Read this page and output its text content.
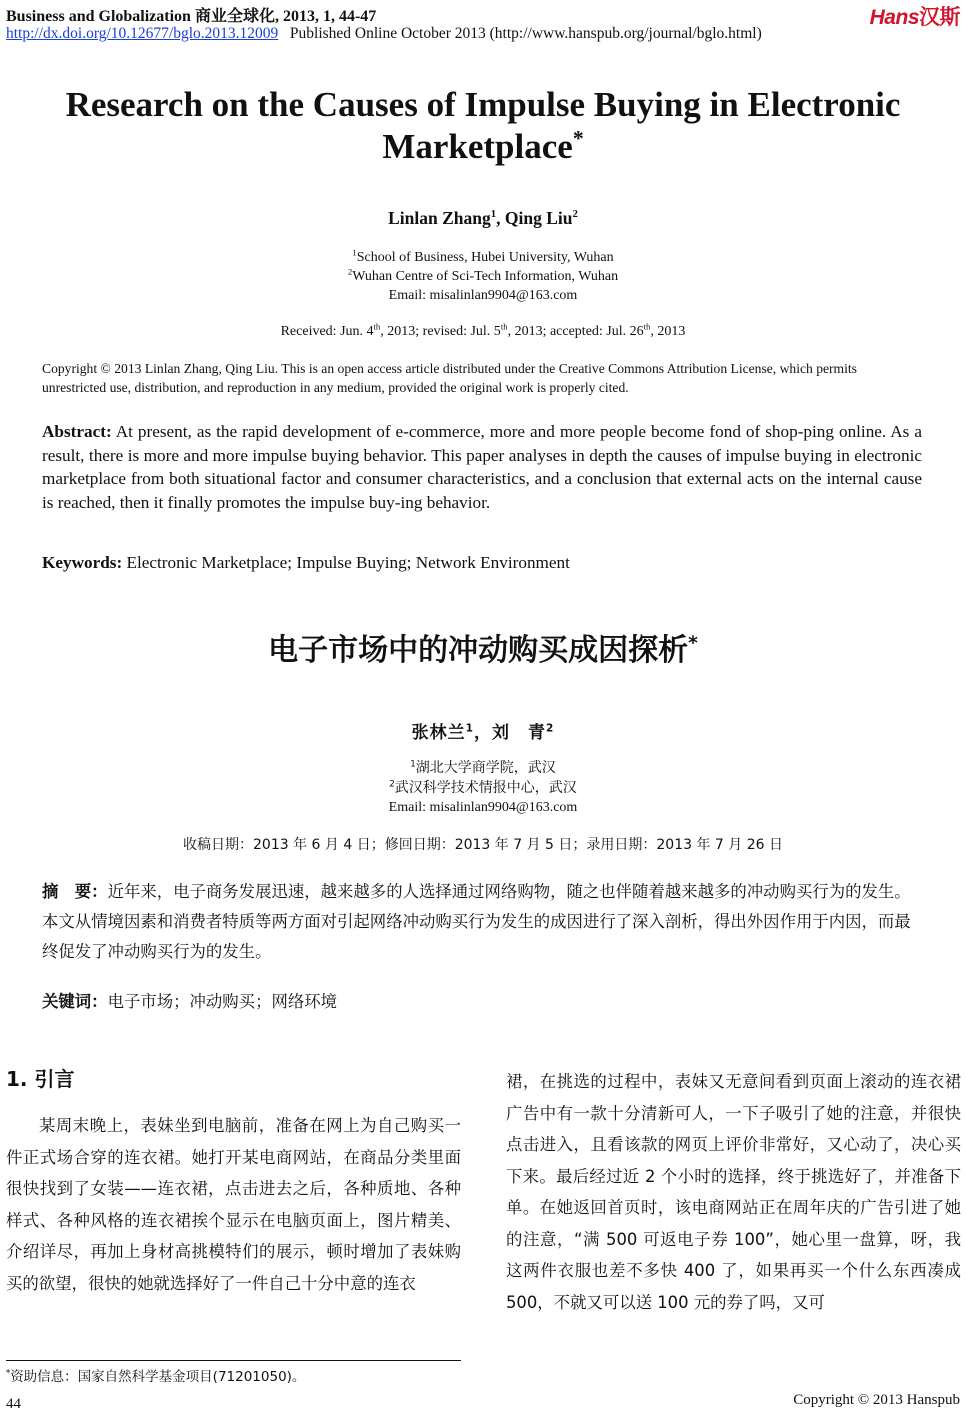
Business and Globalization 商业全球化, 2013, 1, 44-47
http://dx.doi.org/10.12677/bglo.2013.12009 Published Online October 2013 (http://www.hanspub.org/journal/bglo.html)
Hans汉斯
Research on the Causes of Impulse Buying in Electronic
Marketplace*
Linlan Zhang$^1$, Qing Liu$^2$
$^1$School of Business, Hubei University, Wuhan
$^2$Wuhan Centre of Sci-Tech Information, Wuhan
Email: misalinlan9904@163.com
Received: Jun. 4th, 2013; revised: Jul. 5th, 2013; accepted: Jul. 26th, 2013
Copyright © 2013 Linlan Zhang, Qing Liu. This is an open access article distributed under the Creative Commons Attribution License, which permits unrestricted use, distribution, and reproduction in any medium, provided the original work is properly cited.
Abstract: At present, as the rapid development of e-commerce, more and more people become fond of shop-ping online. As a result, there is more and more impulse buying behavior. This paper analyses in depth the causes of impulse buying in electronic marketplace from both situational factor and consumer characteristics, and a conclusion that external acts on the internal cause is reached, then it finally promotes the impulse buy-ing behavior.
Keywords: Electronic Marketplace; Impulse Buying; Network Environment
电子市场中的冲动购买成因探析*
张林兰$^1$，刘　青$^2$
$^1$湖北大学商学院，武汉
$^2$武汉科学技术情报中心，武汉
Email: misalinlan9904@163.com
收稿日期：2013 年 6 月 4 日；修回日期：2013 年 7 月 5 日；录用日期：2013 年 7 月 26 日
摘　要：近年来，电子商务发展迅速，越来越多的人选择通过网络购物，随之也伴随着越来越多的冲动购买行为的发生。本文从情境因素和消费者特质等两方面对引起网络冲动购买行为发生的成因进行了深入剖析，得出外因作用于内因，而最终促发了冲动购买行为的发生。
关键词：电子市场；冲动购买；网络环境
1. 引言
某周末晚上，表妹坐到电脑前，准备在网上为自己购买一件正式场合穿的连衣裙。她打开某电商网站，在商品分类里面很快找到了女装——连衣裙，点击进去之后，各种质地、各种样式、各种风格的连衣裙挨个显示在电脑页面上，图片精美、介绍详尽，再加上身材高挑模特们的展示，顿时增加了表妹购买的欲望，很快的她就选择好了一件自己十分中意的连衣
裙，在挑选的过程中，表妹又无意间看到页面上滚动的连衣裙广告中有一款十分清新可人，一下子吸引了她的注意，并很快点击进入，且看该款的网页上评价非常好，又心动了，决心买下来。最后经过近 2 个小时的选择，终于挑选好了，并准备下单。在她返回首页时，该电商网站正在周年庆的广告引进了她的注意，“满 500 可返电子券 100”，她心里一盘算，呀，我这两件衣服也差不多快 400 了，如果再买一个什么东西凑成 500，不就又可以送 100 元的券了吗，又可
*资助信息：国家自然科学基金项目(71201050)。
44	Copyright © 2013 Hanspub
